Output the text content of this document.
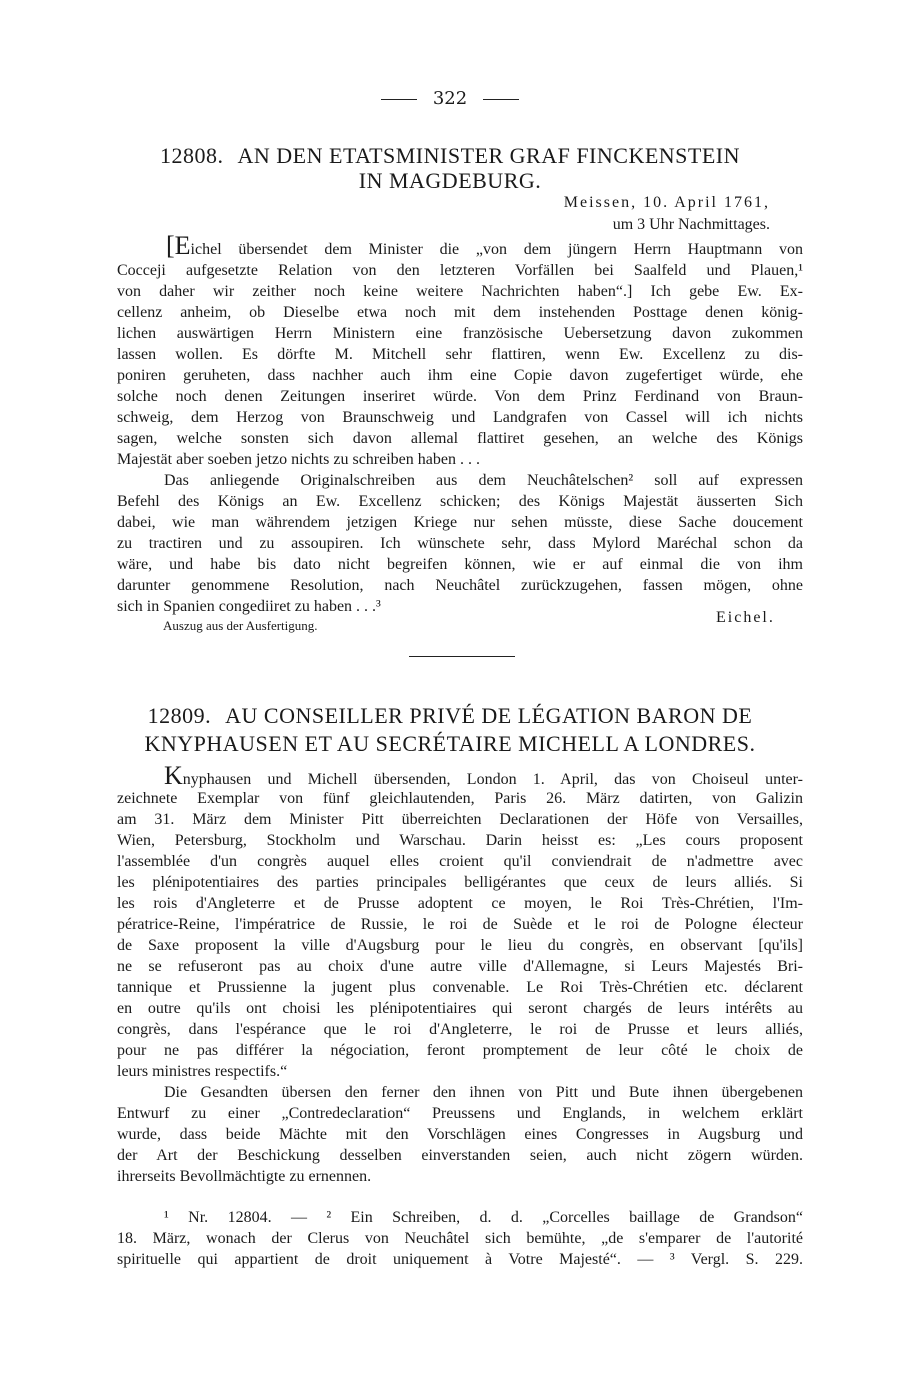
322
12808. AN DEN ETATSMINISTER GRAF FINCKENSTEIN
IN MAGDEBURG.
Meissen, 10. April 1761,
um 3 Uhr Nachmittages.
[Eichel übersendet dem Minister die „von dem jüngern Herrn Hauptmann von
Cocceji aufgesetzte Relation von den letzteren Vorfällen bei Saalfeld und Plauen,¹
von daher wir zeither noch keine weitere Nachrichten haben“.] Ich gebe Ew. Ex-
cellenz anheim, ob Dieselbe etwa noch mit dem instehenden Posttage denen könig-
lichen auswärtigen Herrn Ministern eine französische Uebersetzung davon zukommen
lassen wollen. Es dörfte M. Mitchell sehr flattiren, wenn Ew. Excellenz zu dis-
poniren geruheten, dass nachher auch ihm eine Copie davon zugefertiget würde, ehe
solche noch denen Zeitungen inseriret würde. Von dem Prinz Ferdinand von Braun-
schweig, dem Herzog von Braunschweig und Landgrafen von Cassel will ich nichts
sagen, welche sonsten sich davon allemal flattiret gesehen, an welche des Königs
Majestät aber soeben jetzo nichts zu schreiben haben . . .
Das anliegende Originalschreiben aus dem Neuchâtelschen² soll auf expressen
Befehl des Königs an Ew. Excellenz schicken; des Königs Majestät äusserten Sich
dabei, wie man währendem jetzigen Kriege nur sehen müsste, diese Sache doucement
zu tractiren und zu assoupiren. Ich wünschete sehr, dass Mylord Maréchal schon da
wäre, und habe bis dato nicht begreifen können, wie er auf einmal die von ihm
darunter genommene Resolution, nach Neuchâtel zurückzugehen, fassen mögen, ohne
sich in Spanien congediiret zu haben . . .³
Auszug aus der Ausfertigung.	Eichel.
12809. AU CONSEILLER PRIVÉ DE LÉGATION BARON DE
KNYPHAUSEN ET AU SECRÉTAIRE MICHELL A LONDRES.
Knyphausen und Michell übersenden, London 1. April, das von Choiseul unter-
zeichnete Exemplar von fünf gleichlautenden, Paris 26. März datirten, von Galizin
am 31. März dem Minister Pitt überreichten Declarationen der Höfe von Versailles,
Wien, Petersburg, Stockholm und Warschau. Darin heisst es: „Les cours proposent
l'assemblée d'un congrès auquel elles croient qu'il conviendrait de n'admettre avec
les plénipotentiaires des parties principales belligérantes que ceux de leurs alliés. Si
les rois d'Angleterre et de Prusse adoptent ce moyen, le Roi Très-Chrétien, l'Im-
pératrice-Reine, l'impératrice de Russie, le roi de Suède et le roi de Pologne électeur
de Saxe proposent la ville d'Augsburg pour le lieu du congrès, en observant [qu'ils]
ne se refuseront pas au choix d'une autre ville d'Allemagne, si Leurs Majestés Bri-
tannique et Prussienne la jugent plus convenable. Le Roi Très-Chrétien etc. déclarent
en outre qu'ils ont choisi les plénipotentiaires qui seront chargés de leurs intérêts au
congrès, dans l'espérance que le roi d'Angleterre, le roi de Prusse et leurs alliés,
pour ne pas différer la négociation, feront promptement de leur côté le choix de
leurs ministres respectifs.“
Die Gesandten übersen den ferner den ihnen von Pitt und Bute ihnen übergebenen
Entwurf zu einer „Contredeclaration“ Preussens und Englands, in welchem erklärt
wurde, dass beide Mächte mit den Vorschlägen eines Congresses in Augsburg und
der Art der Beschickung desselben einverstanden seien, auch nicht zögern würden.
ihrerseits Bevollmächtigte zu ernennen.
¹ Nr. 12804. — ² Ein Schreiben, d. d. „Corcelles baillage de Grandson“
18. März, wonach der Clerus von Neuchâtel sich bemühte, „de s'emparer de l'autorité
spirituelle qui appartient de droit uniquement à Votre Majesté“. — ³ Vergl. S. 229.
